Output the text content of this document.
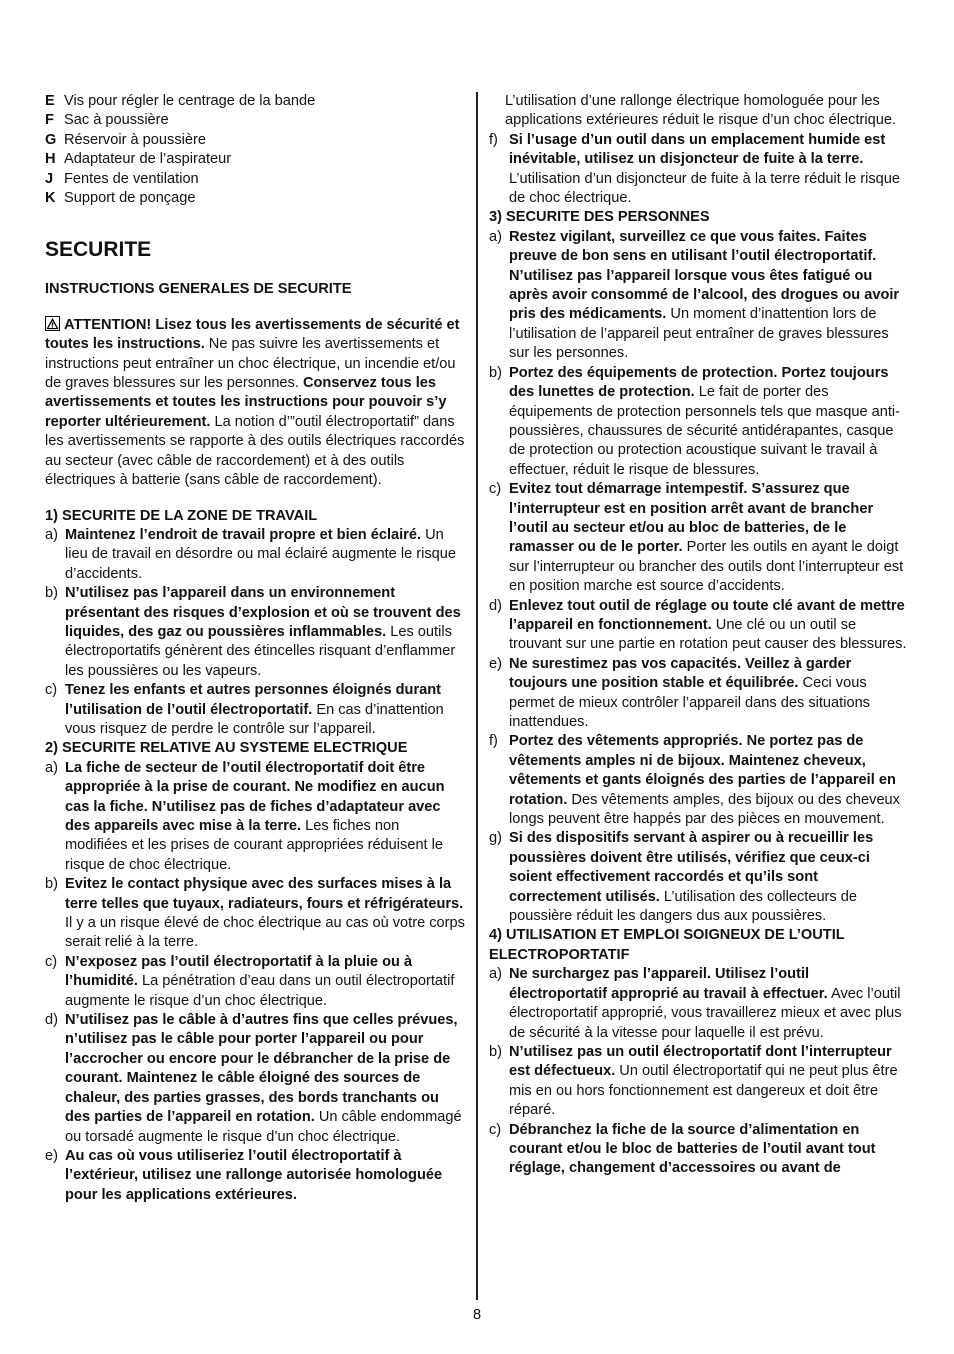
E Vis pour régler le centrage de la bande
F Sac à poussière
G Réservoir à poussière
H Adaptateur de l’aspirateur
J Fentes de ventilation
K Support de ponçage
SECURITE

INSTRUCTIONS GENERALES DE SECURITE

ATTENTION! Lisez tous les avertissements de sécurité et toutes les instructions. Ne pas suivre les avertissements et instructions peut entraîner un choc électrique, un incendie et/ou de graves blessures sur les personnes. Conservez tous les avertissements et toutes les instructions pour pouvoir s’y reporter ultérieurement. La notion d’”outil électroportatif” dans les avertissements se rapporte à des outils électriques raccordés au secteur (avec câble de raccordement) et à des outils électriques à batterie (sans câble de raccordement).

1) SECURITE DE LA ZONE DE TRAVAIL

a) Maintenez l’endroit de travail propre et bien éclairé. Un lieu de travail en désordre ou mal éclairé augmente le risque d’accidents.
b) N’utilisez pas l’appareil dans un environnement présentant des risques d’explosion et où se trouvent des liquides, des gaz ou poussières inflammables. Les outils électroportatifs génèrent des étincelles risquant d’enflammer les poussières ou les vapeurs.
c) Tenez les enfants et autres personnes éloignés durant l’utilisation de l’outil électroportatif. En cas d’inattention vous risquez de perdre le contrôle sur l’appareil.

2) SECURITE RELATIVE AU SYSTEME ELECTRIQUE

a) La fiche de secteur de l’outil électroportatif doit être appropriée à la prise de courant. Ne modifiez en aucun cas la fiche. N’utilisez pas de fiches d’adaptateur avec des appareils avec mise à la terre. Les fiches non modifiées et les prises de courant appropriées réduisent le risque de choc électrique.
b) Evitez le contact physique avec des surfaces mises à la terre telles que tuyaux, radiateurs, fours et réfrigérateurs. Il y a un risque élevé de choc électrique au cas où votre corps serait relié à la terre.
c) N’exposez pas l’outil électroportatif à la pluie ou à l’humidité. La pénétration d’eau dans un outil électroportatif augmente le risque d’un choc électrique.
d) N’utilisez pas le câble à d’autres fins que celles prévues, n’utilisez pas le câble pour porter l’appareil ou pour l’accrocher ou encore pour le débrancher de la prise de courant. Maintenez le câble éloigné des sources de chaleur, des parties grasses, des bords tranchants ou des parties de l’appareil en rotation. Un câble endommagé ou torsadé augmente le risque d’un choc électrique.
e) Au cas où vous utiliseriez l’outil électroportatif à l’extérieur, utilisez une rallonge autorisée homologuée pour les applications extérieures.
L’utilisation d’une rallonge électrique homologuée pour les applications extérieures réduit le risque d’un choc électrique.
f) Si l’usage d’un outil dans un emplacement humide est inévitable, utilisez un disjoncteur de fuite à la terre. L’utilisation d’un disjoncteur de fuite à la terre réduit le risque de choc électrique.

3) SECURITE DES PERSONNES

a) Restez vigilant, surveillez ce que vous faites. Faites preuve de bon sens en utilisant l’outil électroportatif. N’utilisez pas l’appareil lorsque vous êtes fatigué ou après avoir consommé de l’alcool, des drogues ou avoir pris des médicaments. Un moment d’inattention lors de l’utilisation de l’appareil peut entraîner de graves blessures sur les personnes.
b) Portez des équipements de protection. Portez toujours des lunettes de protection. Le fait de porter des équipements de protection personnels tels que masque anti-poussières, chaussures de sécurité antidérapantes, casque de protection ou protection acoustique suivant le travail à effectuer, réduit le risque de blessures.
c) Evitez tout démarrage intempestif. S’assurez que l’interrupteur est en position arrêt avant de brancher l’outil au secteur et/ou au bloc de batteries, de le ramasser ou de le porter. Porter les outils en ayant le doigt sur l’interrupteur ou brancher des outils dont l’interrupteur est en position marche est source d’accidents.
d) Enlevez tout outil de réglage ou toute clé avant de mettre l’appareil en fonctionnement. Une clé ou un outil se trouvant sur une partie en rotation peut causer des blessures.
e) Ne surestimez pas vos capacités. Veillez à garder toujours une position stable et équilibrée. Ceci vous permet de mieux contrôler l’appareil dans des situations inattendues.
f) Portez des vêtements appropriés. Ne portez pas de vêtements amples ni de bijoux. Maintenez cheveux, vêtements et gants éloignés des parties de l’appareil en rotation. Des vêtements amples, des bijoux ou des cheveux longs peuvent être happés par des pièces en mouvement.
g) Si des dispositifs servant à aspirer ou à recueillir les poussières doivent être utilisés, vérifiez que ceux-ci soient effectivement raccordés et qu’ils sont correctement utilisés. L’utilisation des collecteurs de poussière réduit les dangers dus aux poussières.

4) UTILISATION ET EMPLOI SOIGNEUX DE L’OUTIL ELECTROPORTATIF

a) Ne surchargez pas l’appareil. Utilisez l’outil électroportatif approprié au travail à effectuer. Avec l’outil électroportatif approprié, vous travaillerez mieux et avec plus de sécurité à la vitesse pour laquelle il est prévu.
b) N’utilisez pas un outil électroportatif dont l’interrupteur est défectueux. Un outil électroportatif qui ne peut plus être mis en ou hors fonctionnement est dangereux et doit être réparé.
c) Débranchez la fiche de la source d’alimentation en courant et/ou le bloc de batteries de l’outil avant tout réglage, changement d’accessoires ou avant de
8
